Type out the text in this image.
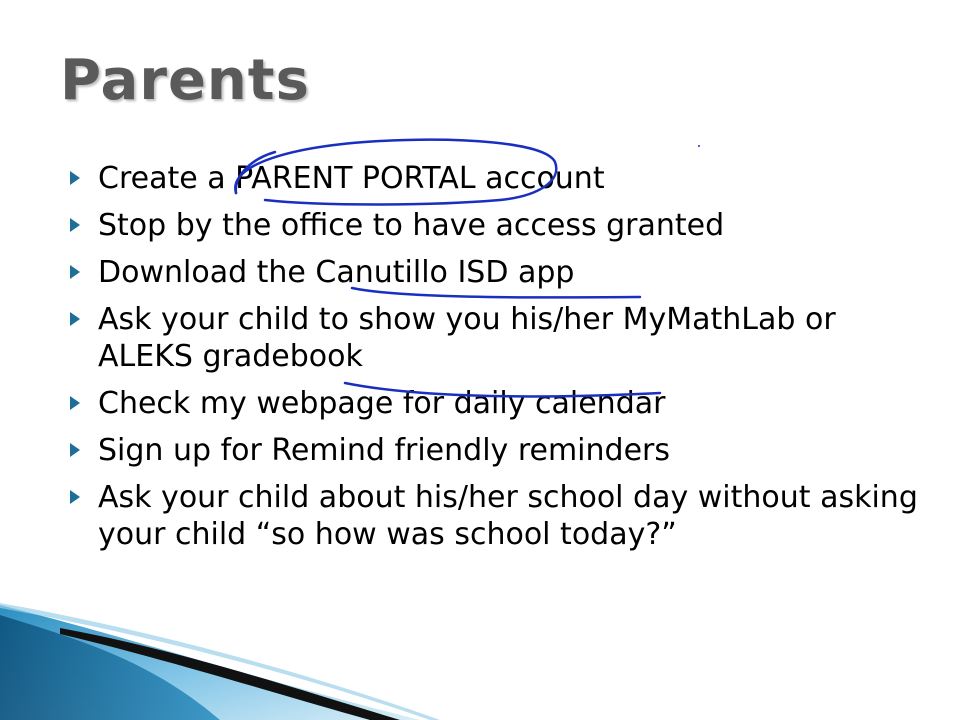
Parents
Create a PARENT PORTAL account
Stop by the office to have access granted
Download the Canutillo ISD app
Ask your child to show you his/her MyMathLab or ALEKS gradebook
Check my webpage for daily calendar
Sign up for Remind friendly reminders
Ask your child about his/her school day without asking your child “so how was school today?”
